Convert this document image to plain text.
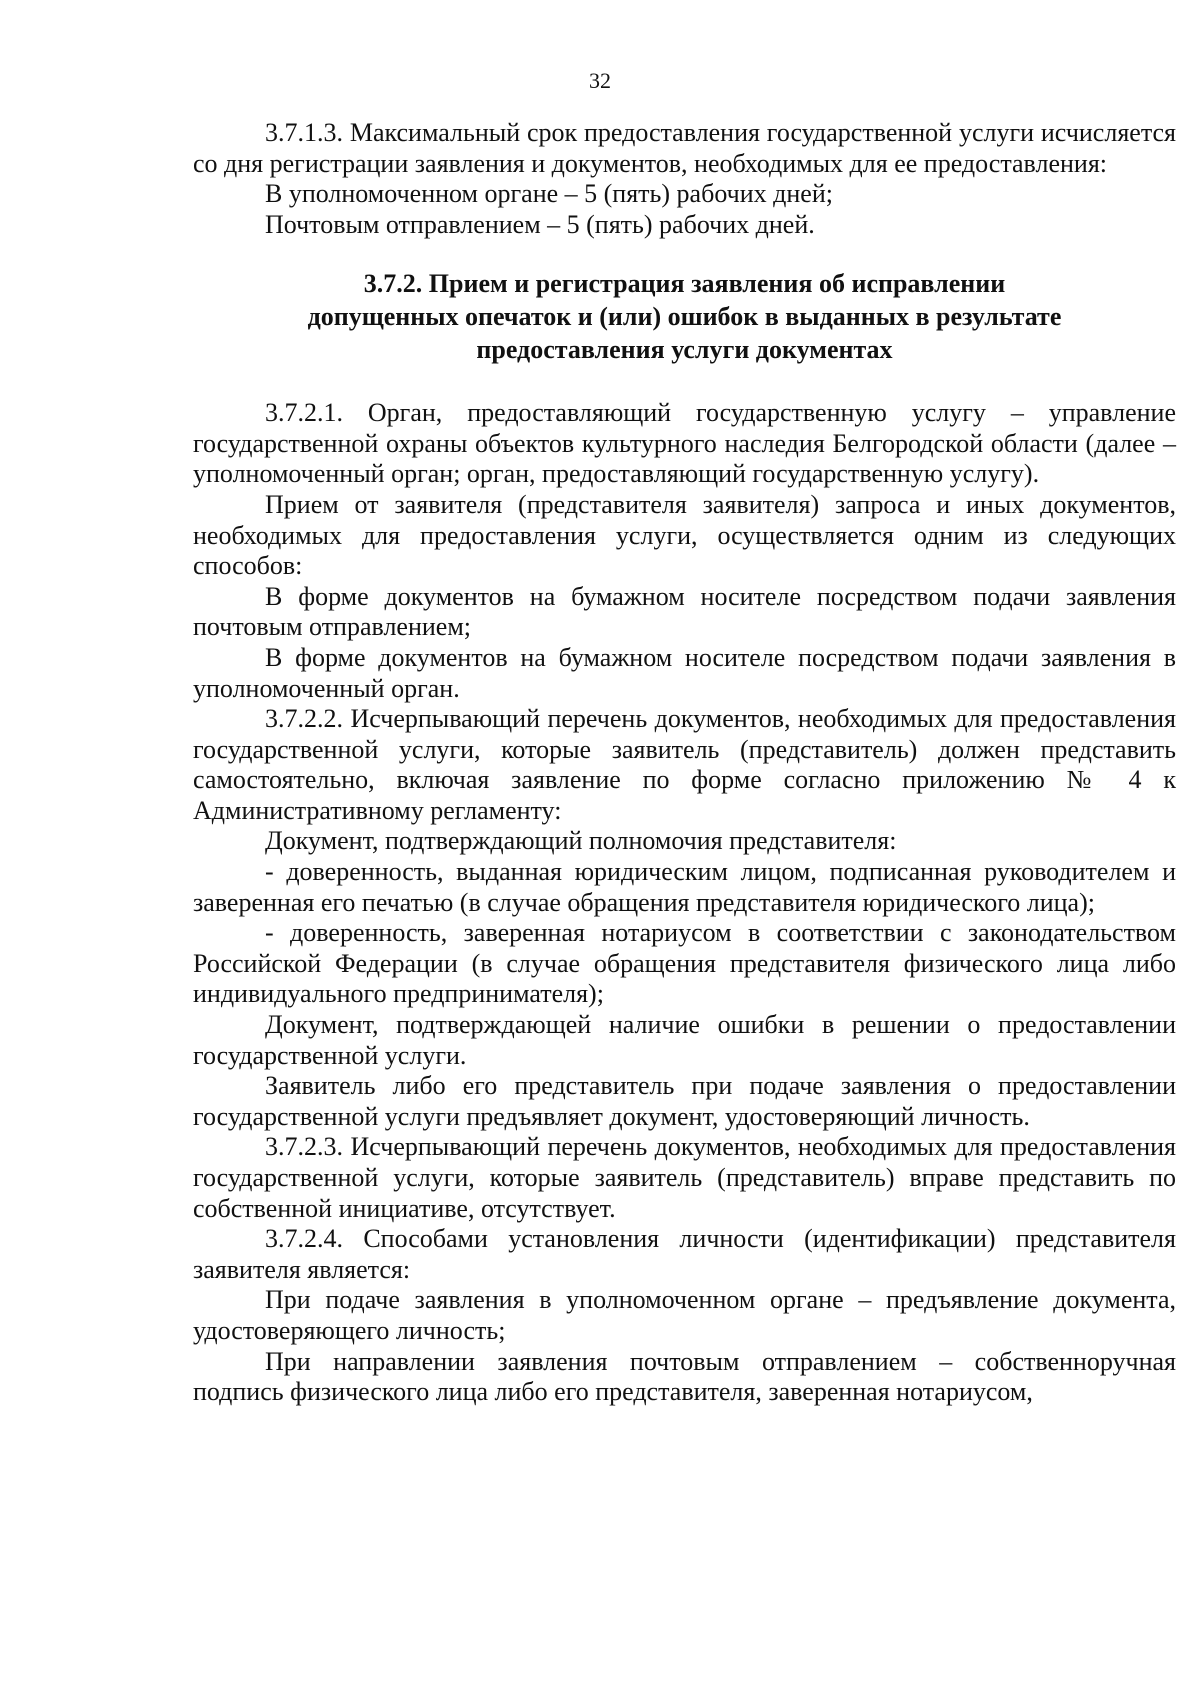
32

3.7.1.3. Максимальный срок предоставления государственной услуги исчисляется со дня регистрации заявления и документов, необходимых для ее предоставления:

В уполномоченном органе – 5 (пять) рабочих дней;

Почтовым отправлением – 5 (пять) рабочих дней.

3.7.2. Прием и регистрация заявления об исправлении
допущенных опечаток и (или) ошибок в выданных в результате
предоставления услуги документах

3.7.2.1. Орган, предоставляющий государственную услугу – управление государственной охраны объектов культурного наследия Белгородской области (далее – уполномоченный орган; орган, предоставляющий государственную услугу).

Прием от заявителя (представителя заявителя) запроса и иных документов, необходимых для предоставления услуги, осуществляется одним из следующих способов:

В форме документов на бумажном носителе посредством подачи заявления почтовым отправлением;

В форме документов на бумажном носителе посредством подачи заявления в уполномоченный орган.

3.7.2.2. Исчерпывающий перечень документов, необходимых для предоставления государственной услуги, которые заявитель (представитель) должен представить самостоятельно, включая заявление по форме согласно приложению № 4 к Административному регламенту:

Документ, подтверждающий полномочия представителя:

- доверенность, выданная юридическим лицом, подписанная руководителем и заверенная его печатью (в случае обращения представителя юридического лица);

- доверенность, заверенная нотариусом в соответствии с законодательством Российской Федерации (в случае обращения представителя физического лица либо индивидуального предпринимателя);

Документ, подтверждающей наличие ошибки в решении о предоставлении государственной услуги.

Заявитель либо его представитель при подаче заявления о предоставлении государственной услуги предъявляет документ, удостоверяющий личность.

3.7.2.3. Исчерпывающий перечень документов, необходимых для предоставления государственной услуги, которые заявитель (представитель) вправе представить по собственной инициативе, отсутствует.

3.7.2.4. Способами установления личности (идентификации) представителя заявителя является:

При подаче заявления в уполномоченном органе – предъявление документа, удостоверяющего личность;

При направлении заявления почтовым отправлением – собственноручная подпись физического лица либо его представителя, заверенная нотариусом,
